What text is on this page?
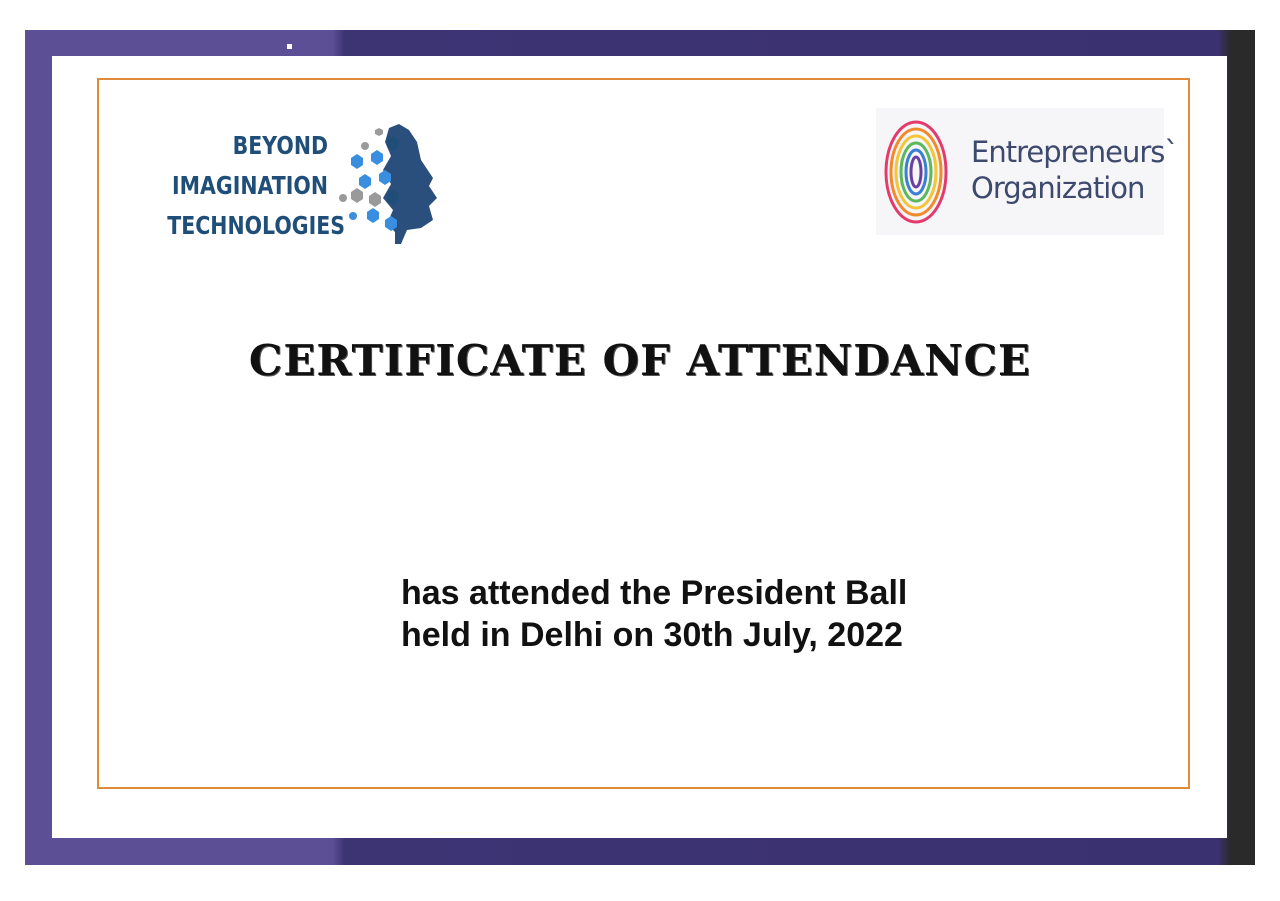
BEYOND
IMAGINATION
TECHNOLOGIES
Entrepreneurs`
Organization
CERTIFICATE OF ATTENDANCE
has attended the President Ball
held in Delhi on 30th July, 2022
